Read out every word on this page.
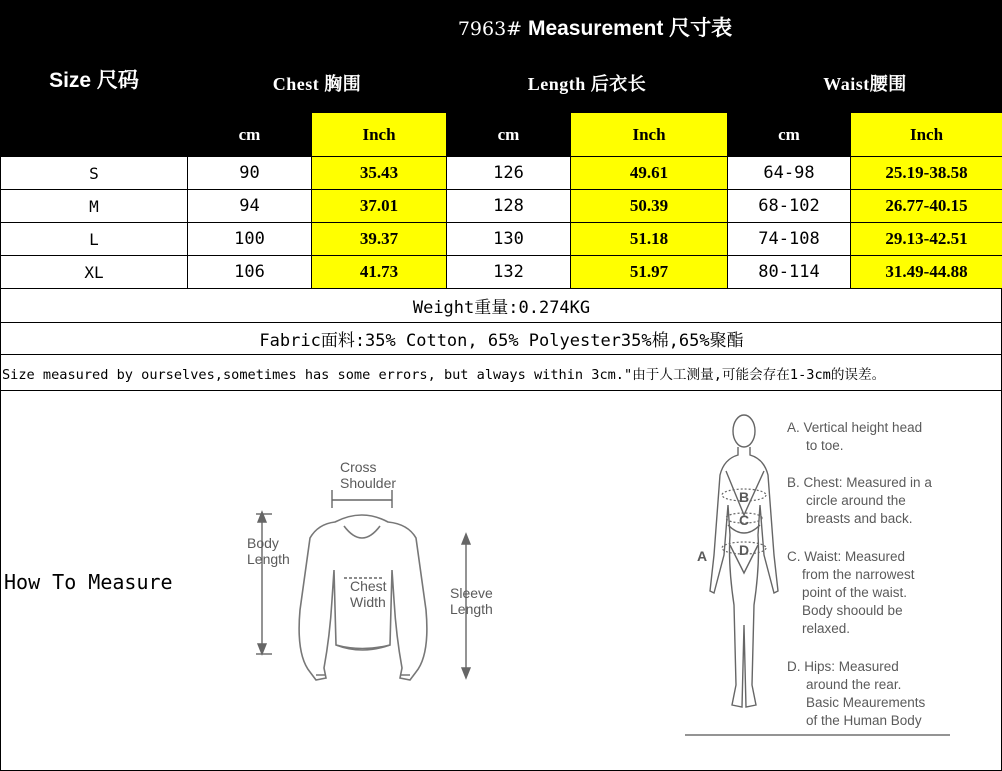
Size 尺码	7963# Measurement 尺寸表					
	Chest 胸围		Length 后衣长		Waist腰围	
	cm	Inch	cm	Inch	cm	Inch
S	90	35.43	126	49.61	64-98	25.19-38.58
M	94	37.01	128	50.39	68-102	26.77-40.15
L	100	39.37	130	51.18	74-108	29.13-42.51
XL	106	41.73	132	51.97	80-114	31.49-44.88
Weight重量:0.274KG						
Fabric面料:35% Cotton, 65% Polyester35%棉,65%聚酯						
Size measured by ourselves,sometimes has some errors, but always within 3cm."由于人工测量,可能会存在1-3cm的误差。						
How To Measure
Cross
Shoulder
Body
Length
Chest
Width
Sleeve
Length
A
B
C
D
A. Vertical height head
to toe.
B. Chest: Measured in a
circle around the
breasts and back.
C. Waist: Measured
from the narrowest
point of the waist.
Body shoould be
relaxed.
D. Hips: Measured
around the rear.
Basic Meaurements
of the Human Body
